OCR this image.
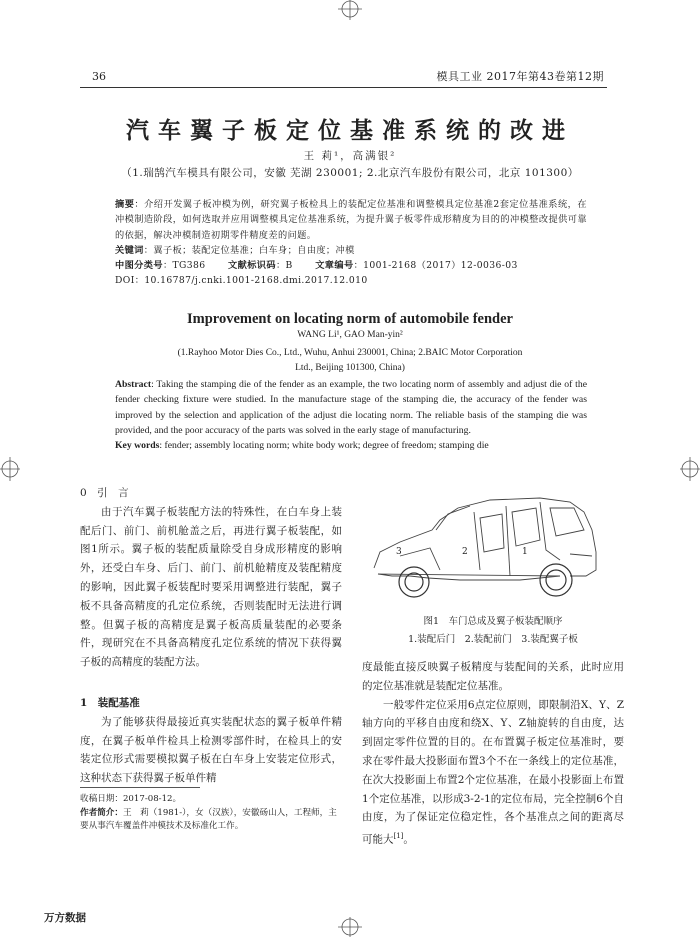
36	模具工业 2017年第43卷第12期
汽车翼子板定位基准系统的改进
王 莉¹，高满银²
（1.瑞鹄汽车模具有限公司，安徽 芜湖 230001; 2.北京汽车股份有限公司，北京 101300）
摘要：介绍开发翼子板冲模为例，研究翼子板检具上的装配定位基准和调整模具定位基准2套定位基准系统，在冲模制造阶段，如何选取并应用调整模具定位基准系统，为提升翼子板零件成形精度为目的的冲模整改提供可靠的依据，解决冲模制造初期零件精度差的问题。
关键词：翼子板；装配定位基准；白车身；自由度；冲模
中图分类号：TG386　　 文献标识码：B　　 文章编号：1001-2168（2017）12-0036-03
DOI：10.16787/j.cnki.1001-2168.dmi.2017.12.010
Improvement on locating norm of automobile fender
WANG Li¹, GAO Man-yin²
(1.Rayhoo Motor Dies Co., Ltd., Wuhu, Anhui 230001, China; 2.BAIC Motor Corporation
Ltd., Beijing 101300, China)
Abstract: Taking the stamping die of the fender as an example, the two locating norm of assembly and adjust die of the fender checking fixture were studied. In the manufacture stage of the stamping die, the accuracy of the fender was improved by the selection and application of the adjust die locating norm. The reliable basis of the stamping die was provided, and the poor accuracy of the parts was solved in the early stage of manufacturing.
Key words: fender; assembly locating norm; white body work; degree of freedom; stamping die
0　引　言
由于汽车翼子板装配方法的特殊性，在白车身上装配后门、前门、前机舱盖之后，再进行翼子板装配，如图1所示。翼子板的装配质量除受自身成形精度的影响外，还受白车身、后门、前门、前机舱精度及装配精度的影响，因此翼子板装配时要采用调整进行装配，翼子板不具备高精度的孔定位系统，否则装配时无法进行调整。但翼子板的高精度是翼子板高质量装配的必要条件，现研究在不具备高精度孔定位系统的情况下获得翼子板的高精度的装配方法。
1　装配基准
为了能够获得最接近真实装配状态的翼子板单件精度，在翼子板单件检具上检测零部件时，在检具上的安装定位形式需要模拟翼子板在白车身上安装定位形式，这种状态下获得翼子板单件精
3	2	1
图1　车门总成及翼子板装配顺序
1.装配后门　2.装配前门　3.装配翼子板
度最能直接反映翼子板精度与装配间的关系，此时应用的定位基准就是装配定位基准。
一般零件定位采用6点定位原则，即限制沿X、Y、Z轴方向的平移自由度和绕X、Y、Z轴旋转的自由度，达到固定零件位置的目的。在布置翼子板定位基准时，要求在零件最大投影面布置3个不在一条线上的定位基准，在次大投影面上布置2个定位基准，在最小投影面上布置1个定位基准，以形成3-2-1的定位布局，完全控制6个自由度，为了保证定位稳定性，各个基准点之间的距离尽可能大[1]。
收稿日期：2017-08-12。
作者简介：王　莉（1981-），女（汉族），安徽砀山人，工程师，主要从事汽车覆盖件冲模技术及标准化工作。
万方数据
